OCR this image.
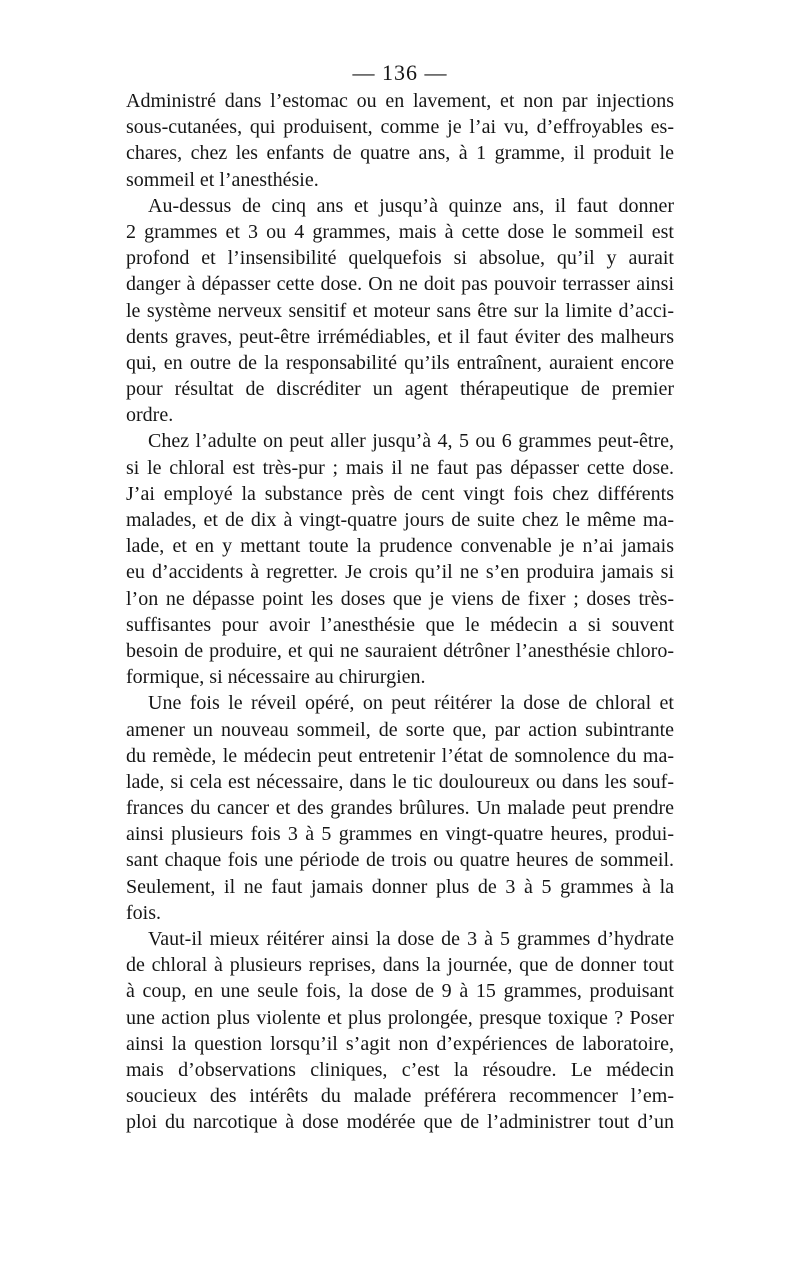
— 136 —
Administré dans l’estomac ou en lavement, et non par injections
sous-cutanées, qui produisent, comme je l’ai vu, d’effroyables es-
chares, chez les enfants de quatre ans, à 1 gramme, il produit le
sommeil et l’anesthésie.
Au-dessus de cinq ans et jusqu’à quinze ans, il faut donner
2 grammes et 3 ou 4 grammes, mais à cette dose le sommeil est
profond et l’insensibilité quelquefois si absolue, qu’il y aurait
danger à dépasser cette dose. On ne doit pas pouvoir terrasser ainsi
le système nerveux sensitif et moteur sans être sur la limite d’acci-
dents graves, peut-être irrémédiables, et il faut éviter des malheurs
qui, en outre de la responsabilité qu’ils entraînent, auraient encore
pour résultat de discréditer un agent thérapeutique de premier
ordre.
Chez l’adulte on peut aller jusqu’à 4, 5 ou 6 grammes peut-être,
si le chloral est très-pur ; mais il ne faut pas dépasser cette dose.
J’ai employé la substance près de cent vingt fois chez différents
malades, et de dix à vingt-quatre jours de suite chez le même ma-
lade, et en y mettant toute la prudence convenable je n’ai jamais
eu d’accidents à regretter. Je crois qu’il ne s’en produira jamais si
l’on ne dépasse point les doses que je viens de fixer ; doses très-
suffisantes pour avoir l’anesthésie que le médecin a si souvent
besoin de produire, et qui ne sauraient détrôner l’anesthésie chloro-
formique, si nécessaire au chirurgien.
Une fois le réveil opéré, on peut réitérer la dose de chloral et
amener un nouveau sommeil, de sorte que, par action subintrante
du remède, le médecin peut entretenir l’état de somnolence du ma-
lade, si cela est nécessaire, dans le tic douloureux ou dans les souf-
frances du cancer et des grandes brûlures. Un malade peut prendre
ainsi plusieurs fois 3 à 5 grammes en vingt-quatre heures, produi-
sant chaque fois une période de trois ou quatre heures de sommeil.
Seulement, il ne faut jamais donner plus de 3 à 5 grammes à la
fois.
Vaut-il mieux réitérer ainsi la dose de 3 à 5 grammes d’hydrate
de chloral à plusieurs reprises, dans la journée, que de donner tout
à coup, en une seule fois, la dose de 9 à 15 grammes, produisant
une action plus violente et plus prolongée, presque toxique ? Poser
ainsi la question lorsqu’il s’agit non d’expériences de laboratoire,
mais d’observations cliniques, c’est la résoudre. Le médecin
soucieux des intérêts du malade préférera recommencer l’em-
ploi du narcotique à dose modérée que de l’administrer tout d’un
